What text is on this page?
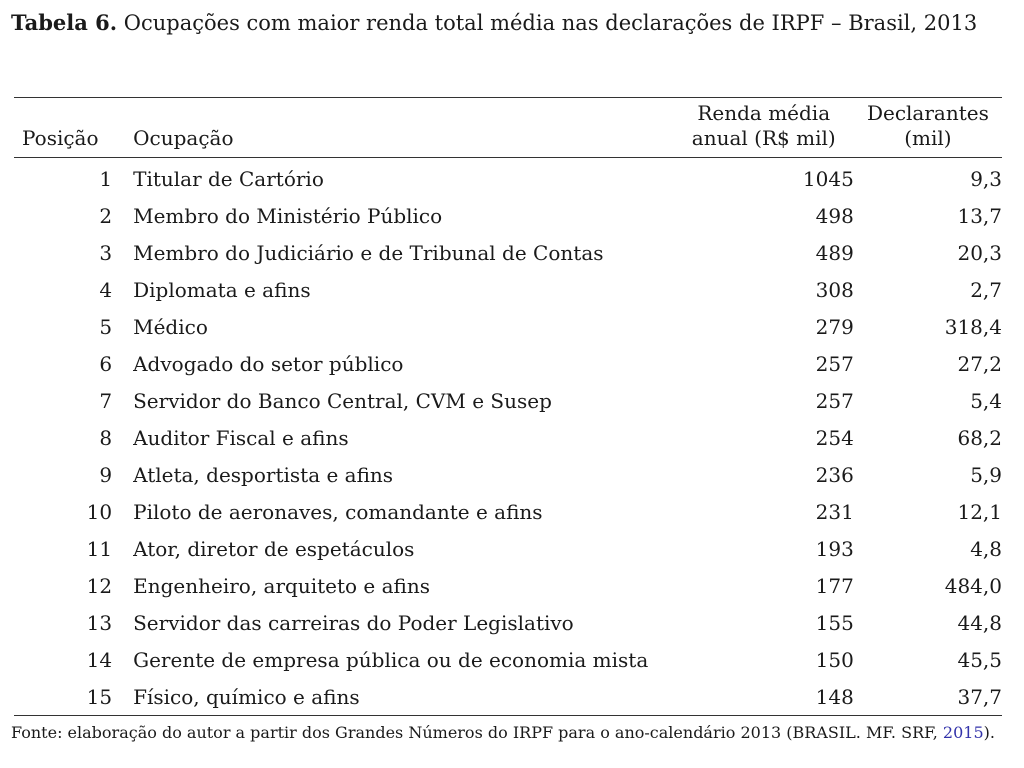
Tabela 6. Ocupações com maior renda total média nas declarações de IRPF – Brasil, 2013

Posição	Ocupação	Renda média anual (R$ mil)	Declarantes (mil)
1	Titular de Cartório	1045	9,3
2	Membro do Ministério Público	498	13,7
3	Membro do Judiciário e de Tribunal de Contas	489	20,3
4	Diplomata e afins	308	2,7
5	Médico	279	318,4
6	Advogado do setor público	257	27,2
7	Servidor do Banco Central, CVM e Susep	257	5,4
8	Auditor Fiscal e afins	254	68,2
9	Atleta, desportista e afins	236	5,9
10	Piloto de aeronaves, comandante e afins	231	12,1
11	Ator, diretor de espetáculos	193	4,8
12	Engenheiro, arquiteto e afins	177	484,0
13	Servidor das carreiras do Poder Legislativo	155	44,8
14	Gerente de empresa pública ou de economia mista	150	45,5
15	Físico, químico e afins	148	37,7

Fonte: elaboração do autor a partir dos Grandes Números do IRPF para o ano-calendário 2013 (BRASIL. MF. SRF, 2015).
